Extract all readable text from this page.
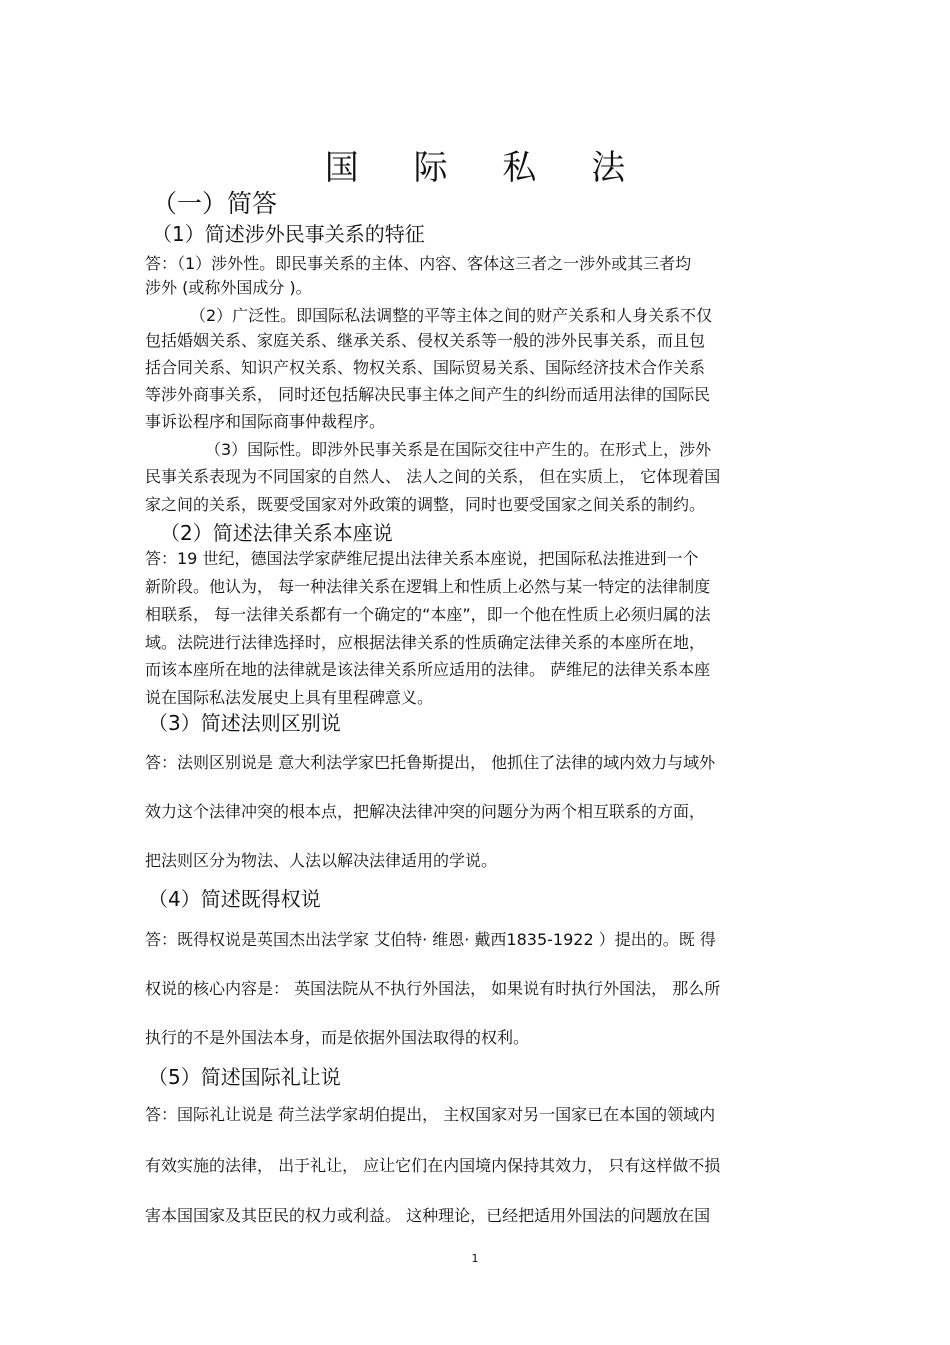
国 际 私 法
（一）简答
（1）简述涉外民事关系的特征
答：（1）涉外性。即民事关系的主体、内容、客体这三者之一涉外或其三者均
涉外 (或称外国成分 )。
（2）广泛性。即国际私法调整的平等主体之间的财产关系和人身关系不仅
包括婚姻关系、家庭关系、继承关系、侵权关系等一般的涉外民事关系，而且包
括合同关系、知识产权关系、物权关系、国际贸易关系、国际经济技术合作关系
等涉外商事关系， 同时还包括解决民事主体之间产生的纠纷而适用法律的国际民
事诉讼程序和国际商事仲裁程序。
（3）国际性。即涉外民事关系是在国际交往中产生的。在形式上，涉外
民事关系表现为不同国家的自然人、 法人之间的关系， 但在实质上， 它体现着国
家之间的关系，既要受国家对外政策的调整，同时也要受国家之间关系的制约。
（2）简述法律关系本座说
答：19 世纪，德国法学家萨维尼提出法律关系本座说，把国际私法推进到一个
新阶段。他认为， 每一种法律关系在逻辑上和性质上必然与某一特定的法律制度
相联系， 每一法律关系都有一个确定的“本座”，即一个他在性质上必须归属的法
域。法院进行法律选择时，应根据法律关系的性质确定法律关系的本座所在地，
而该本座所在地的法律就是该法律关系所应适用的法律。 萨维尼的法律关系本座
说在国际私法发展史上具有里程碑意义。
（3）简述法则区别说
答：法则区别说是 意大利法学家巴托鲁斯提出， 他抓住了法律的域内效力与域外
效力这个法律冲突的根本点，把解决法律冲突的问题分为两个相互联系的方面，
把法则区分为物法、人法以解决法律适用的学说。
（4）简述既得权说
答：既得权说是英国杰出法学家 艾伯特· 维恩· 戴西1835-1922 ）提出的。既 得
权说的核心内容是： 英国法院从不执行外国法， 如果说有时执行外国法， 那么所
执行的不是外国法本身，而是依据外国法取得的权利。
（5）简述国际礼让说
答：国际礼让说是 荷兰法学家胡伯提出， 主权国家对另一国家已在本国的领域内
有效实施的法律， 出于礼让， 应让它们在内国境内保持其效力， 只有这样做不损
害本国国家及其臣民的权力或利益。 这种理论，已经把适用外国法的问题放在国
1
